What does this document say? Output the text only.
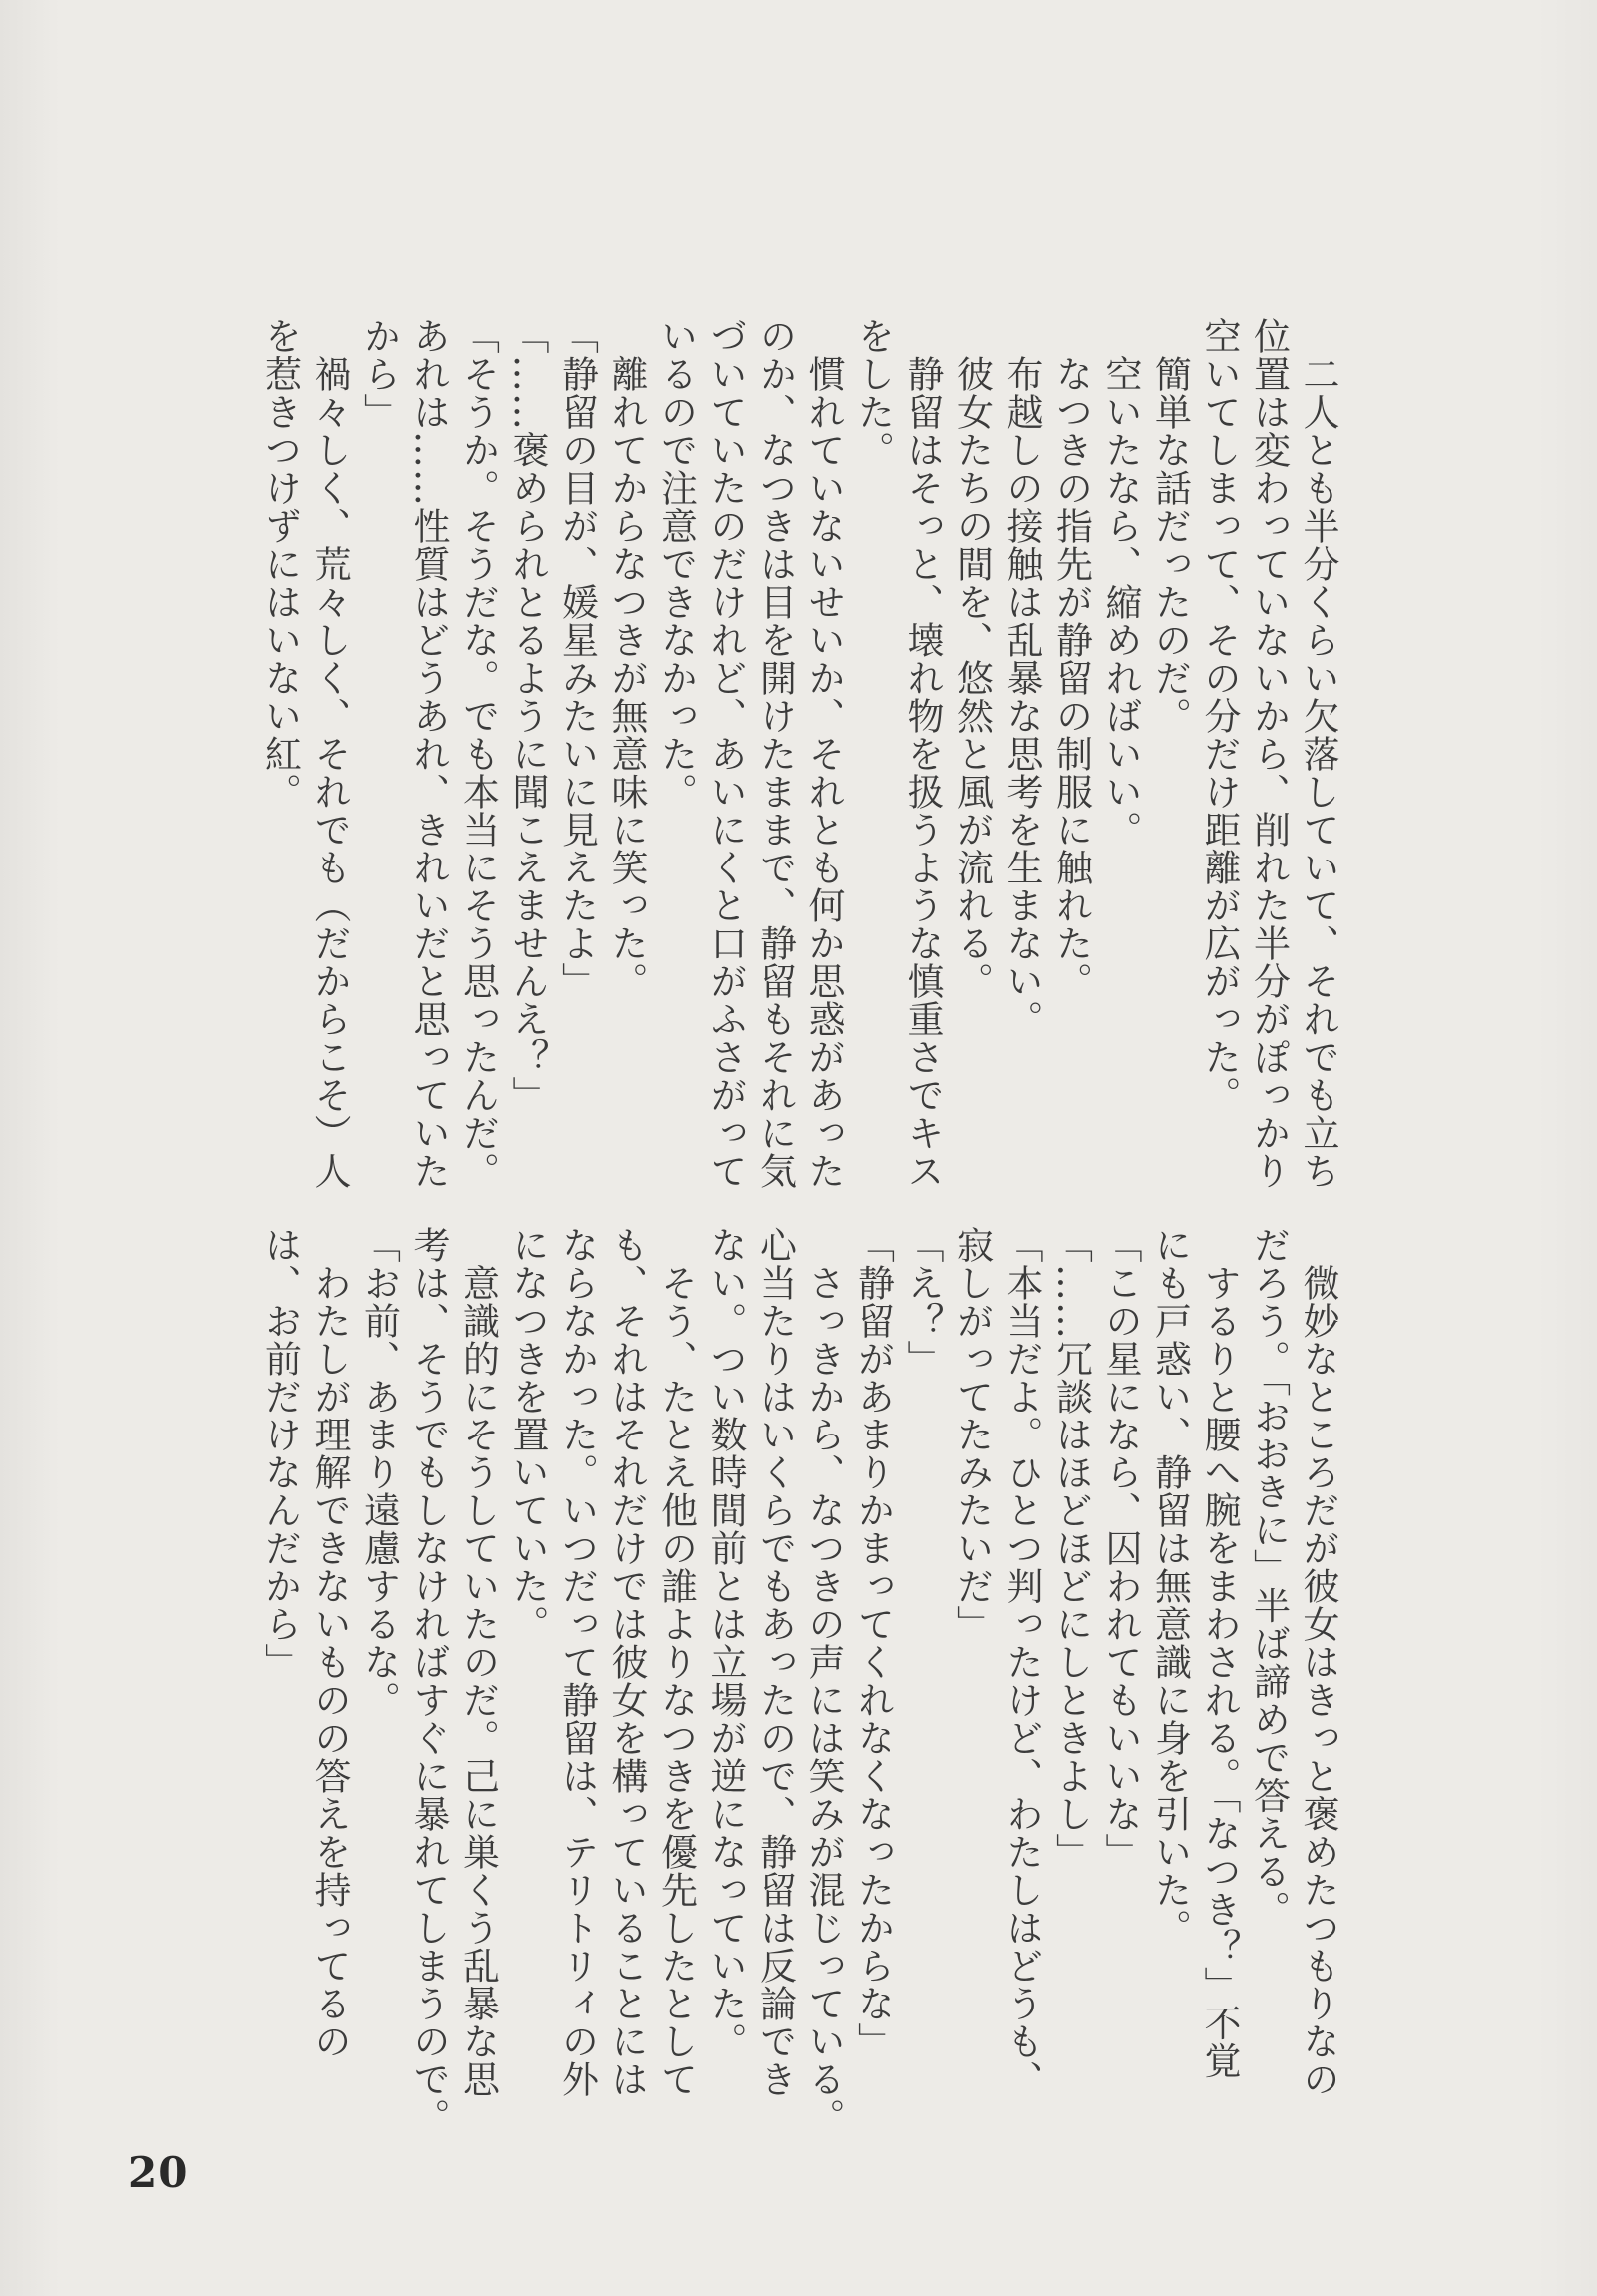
　二人とも半分くらい欠落していて、それでも立ち

位置は変わっていないから、削れた半分がぽっかり

空いてしまって、その分だけ距離が広がった。

　簡単な話だったのだ。

　空いたなら、縮めればいい。

　なつきの指先が静留の制服に触れた。

　布越しの接触は乱暴な思考を生まない。

　彼女たちの間を、悠然と風が流れる。

　静留はそっと、壊れ物を扱うような慎重さでキス

をした。

　慣れていないせいか、それとも何か思惑があった

のか、なつきは目を開けたままで、静留もそれに気

づいていたのだけれど、あいにくと口がふさがって

いるので注意できなかった。

　離れてからなつきが無意味に笑った。

「静留の目が、媛星みたいに見えたよ」

「……褒められとるように聞こえませんえ？」

「そうか。そうだな。でも本当にそう思ったんだ。

あれは……性質はどうあれ、きれいだと思っていた

から」

　禍々しく、荒々しく、それでも（だからこそ）人

を惹きつけずにはいない紅。

　微妙なところだが彼女はきっと褒めたつもりなの

だろう。「おおきに」半ば諦めで答える。

　するりと腰へ腕をまわされる。「なつき？」不覚

にも戸惑い、静留は無意識に身を引いた。

「この星になら、囚われてもいいな」

「……冗談はほどほどにしときよし」

「本当だよ。ひとつ判ったけど、わたしはどうも、

寂しがってたみたいだ」

「え？」

「静留があまりかまってくれなくなったからな」

　さっきから、なつきの声には笑みが混じっている。

心当たりはいくらでもあったので、静留は反論でき

ない。つい数時間前とは立場が逆になっていた。

　そう、たとえ他の誰よりなつきを優先したとして

も、それはそれだけでは彼女を構っていることには

ならなかった。いつだって静留は、テリトリィの外

になつきを置いていた。

　意識的にそうしていたのだ。己に巣くう乱暴な思

考は、そうでもしなければすぐに暴れてしまうので。

「お前、あまり遠慮するな。

　わたしが理解できないものの答えを持ってるの

は、お前だけなんだから」

20
